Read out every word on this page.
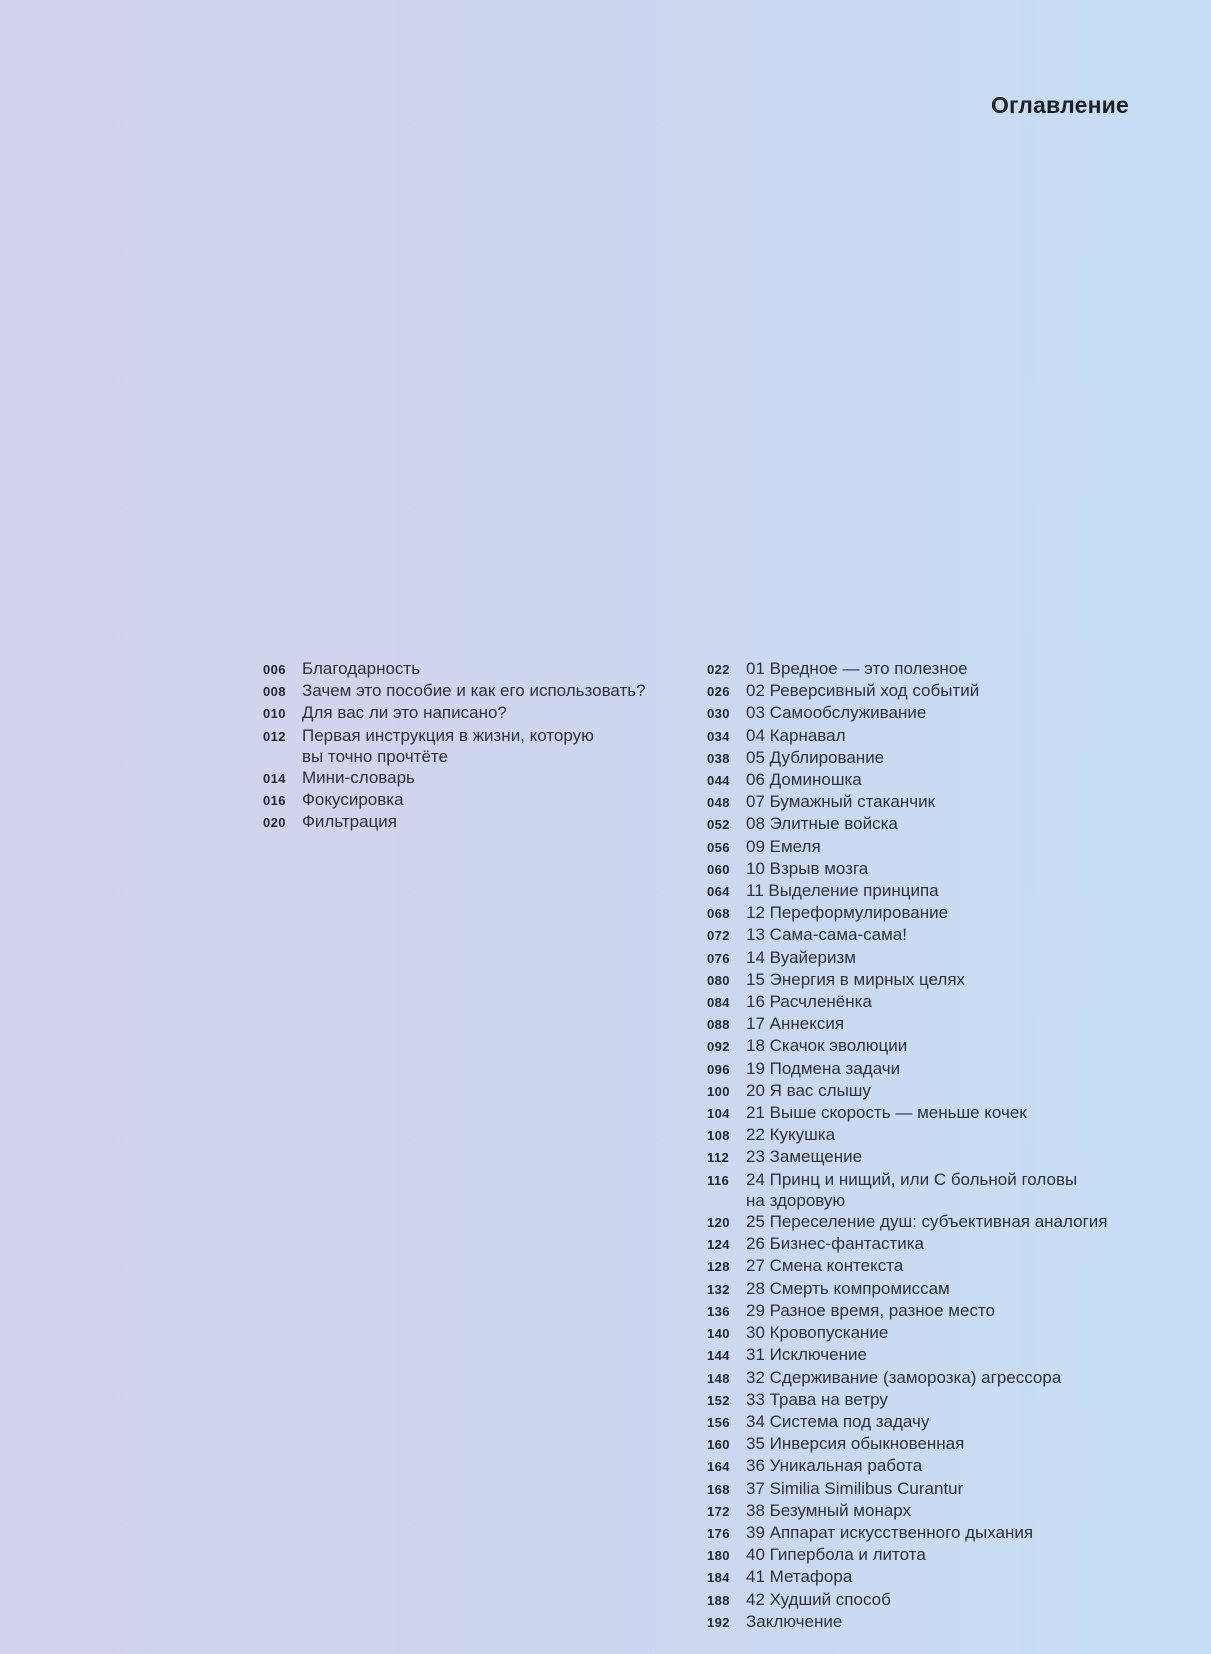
Оглавление
006 Благодарность
008 Зачем это пособие и как его использовать?
010 Для вас ли это написано?
012 Первая инструкция в жизни, которую
вы точно прочтёте
014 Мини-словарь
016 Фокусировка
020 Фильтрация
022 01 Вредное — это полезное
026 02 Реверсивный ход событий
030 03 Самообслуживание
034 04 Карнавал
038 05 Дублирование
044 06 Доминошка
048 07 Бумажный стаканчик
052 08 Элитные войска
056 09 Емеля
060 10 Взрыв мозга
064 11 Выделение принципа
068 12 Переформулирование
072 13 Сама-сама-сама!
076 14 Вуайеризм
080 15 Энергия в мирных целях
084 16 Расчленёнка
088 17 Аннексия
092 18 Скачок эволюции
096 19 Подмена задачи
100 20 Я вас слышу
104 21 Выше скорость — меньше кочек
108 22 Кукушка
112 23 Замещение
116 24 Принц и нищий, или С больной головы
на здоровую
120 25 Переселение душ: субъективная аналогия
124 26 Бизнес-фантастика
128 27 Смена контекста
132 28 Смерть компромиссам
136 29 Разное время, разное место
140 30 Кровопускание
144 31 Исключение
148 32 Сдерживание (заморозка) агрессора
152 33 Трава на ветру
156 34 Система под задачу
160 35 Инверсия обыкновенная
164 36 Уникальная работа
168 37 Similia Similibus Curantur
172 38 Безумный монарх
176 39 Аппарат искусственного дыхания
180 40 Гипербола и литота
184 41 Метафора
188 42 Худший способ
192 Заключение
